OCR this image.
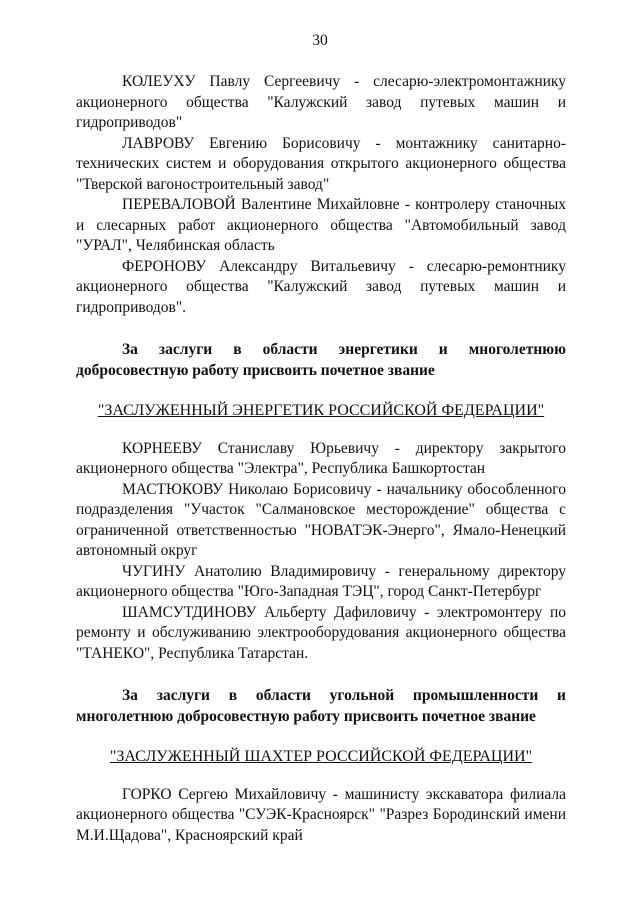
30

КОЛЕУХУ Павлу Сергеевичу - слесарю-электромонтажнику акционерного общества "Калужский завод путевых машин и гидроприводов"

ЛАВРОВУ Евгению Борисовичу - монтажнику санитарно-технических систем и оборудования открытого акционерного общества "Тверской вагоностроительный завод"

ПЕРЕВАЛОВОЙ Валентине Михайловне - контролеру станочных и слесарных работ акционерного общества "Автомобильный завод "УРАЛ", Челябинская область

ФЕРОНОВУ Александру Витальевичу - слесарю-ремонтнику акционерного общества "Калужский завод путевых машин и гидроприводов".

За заслуги в области энергетики и многолетнюю добросовестную работу присвоить почетное звание

"ЗАСЛУЖЕННЫЙ ЭНЕРГЕТИК РОССИЙСКОЙ ФЕДЕРАЦИИ"

КОРНЕЕВУ Станиславу Юрьевичу - директору закрытого акционерного общества "Электра", Республика Башкортостан

МАСТЮКОВУ Николаю Борисовичу - начальнику обособленного подразделения "Участок "Салмановское месторождение" общества с ограниченной ответственностью "НОВАТЭК-Энерго", Ямало-Ненецкий автономный округ

ЧУГИНУ Анатолию Владимировичу - генеральному директору акционерного общества "Юго-Западная ТЭЦ", город Санкт-Петербург

ШАМСУТДИНОВУ Альберту Дафиловичу - электромонтеру по ремонту и обслуживанию электрооборудования акционерного общества "ТАНЕКО", Республика Татарстан.

За заслуги в области угольной промышленности и многолетнюю добросовестную работу присвоить почетное звание

"ЗАСЛУЖЕННЫЙ ШАХТЕР РОССИЙСКОЙ ФЕДЕРАЦИИ"

ГОРКО Сергею Михайловичу - машинисту экскаватора филиала акционерного общества "СУЭК-Красноярск" "Разрез Бородинский имени М.И.Щадова", Красноярский край
